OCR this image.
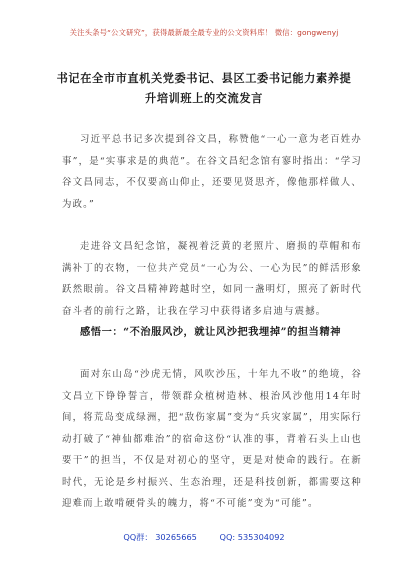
关注头条号“公文研究”，获得最新最全最专业的公文资料库！ 微信：gongwenyj
书记在全市市直机关党委书记、县区工委书记能力素养提
升培训班上的交流发言

习近平总书记多次提到谷文昌，称赞他“一心一意为老百姓办事”，是“实事求是的典范”。在谷文昌纪念馆有寥时指出：“学习谷文昌同志，不仅要高山仰止，还要见贤思齐，像他那样做人、为政。”

走进谷文昌纪念馆，凝视着泛黄的老照片、磨损的草帽和布满补丁的衣物，一位共产党员“一心为公、一心为民”的鲜活形象跃然眼前。谷文昌精神跨越时空，如同一盏明灯，照亮了新时代奋斗者的前行之路，让我在学习中获得诸多启迪与震撼。

感悟一：“不治服风沙，就让风沙把我埋掉”的担当精神

面对东山岛“沙虎无情，风吹沙压，十年九不收”的绝境，谷文昌立下铮铮誓言，带领群众植树造林、根治风沙他用14年时间，将荒岛变成绿洲，把“敌伤家属”变为“兵灾家属”，用实际行动打破了“神仙都难治”的宿命这份“认准的事，背着石头上山也要干”的担当，不仅是对初心的坚守，更是对使命的践行。在新时代，无论是乡村振兴、生态治理，还是科技创新，都需要这种迎难而上敢啃硬骨头的魄力，将“不可能”变为“可能”。

QQ群： 30265665	QQ: 535304092
